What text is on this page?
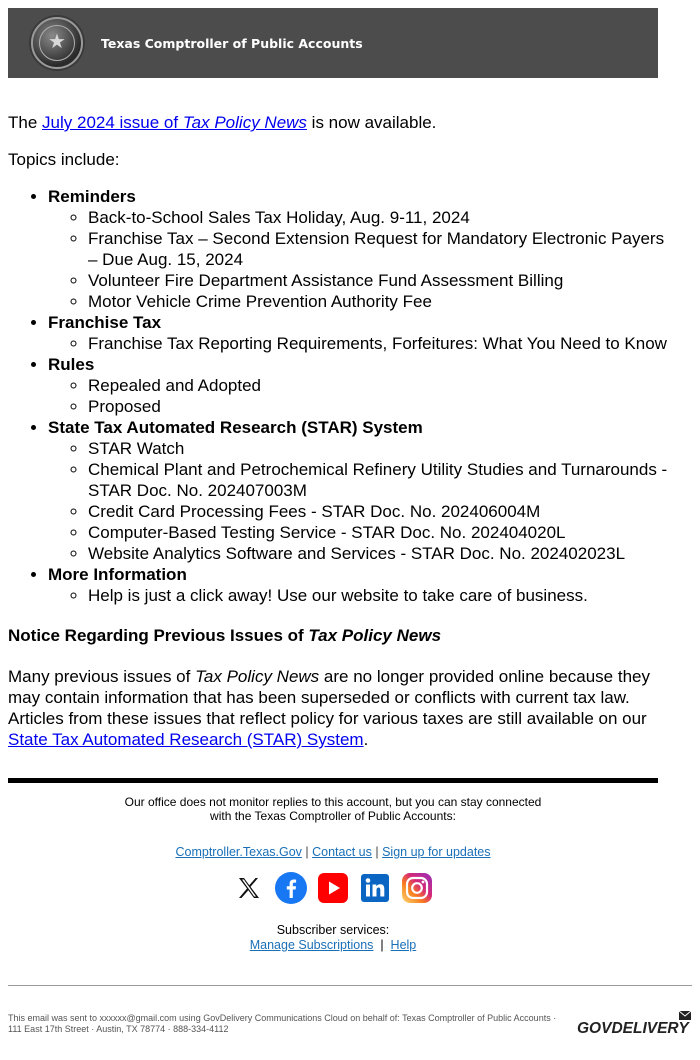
★	Texas Comptroller of Public Accounts

The July 2024 issue of Tax Policy News is now available.

Topics include:

• Reminders
◦ Back-to-School Sales Tax Holiday, Aug. 9-11, 2024
◦ Franchise Tax – Second Extension Request for Mandatory Electronic Payers – Due Aug. 15, 2024
◦ Volunteer Fire Department Assistance Fund Assessment Billing
◦ Motor Vehicle Crime Prevention Authority Fee
• Franchise Tax
◦ Franchise Tax Reporting Requirements, Forfeitures: What You Need to Know
• Rules
◦ Repealed and Adopted
◦ Proposed
• State Tax Automated Research (STAR) System
◦ STAR Watch
◦ Chemical Plant and Petrochemical Refinery Utility Studies and Turnarounds - STAR Doc. No. 202407003M
◦ Credit Card Processing Fees - STAR Doc. No. 202406004M
◦ Computer-Based Testing Service - STAR Doc. No. 202404020L
◦ Website Analytics Software and Services - STAR Doc. No. 202402023L
• More Information
◦ Help is just a click away! Use our website to take care of business.

Notice Regarding Previous Issues of Tax Policy News

Many previous issues of Tax Policy News are no longer provided online because they may contain information that has been superseded or conflicts with current tax law. Articles from these issues that reflect policy for various taxes are still available on our State Tax Automated Research (STAR) System.

Our office does not monitor replies to this account, but you can stay connected
with the Texas Comptroller of Public Accounts:
Comptroller.Texas.Gov | Contact us | Sign up for updates
Subscriber services:
Manage Subscriptions  |  Help
This email was sent to xxxxxx@gmail.com using GovDelivery Communications Cloud on behalf of: Texas Comptroller of Public Accounts · 111 East 17th Street · Austin, TX 78774 · 888-334-4112	GOVDELIVERY
